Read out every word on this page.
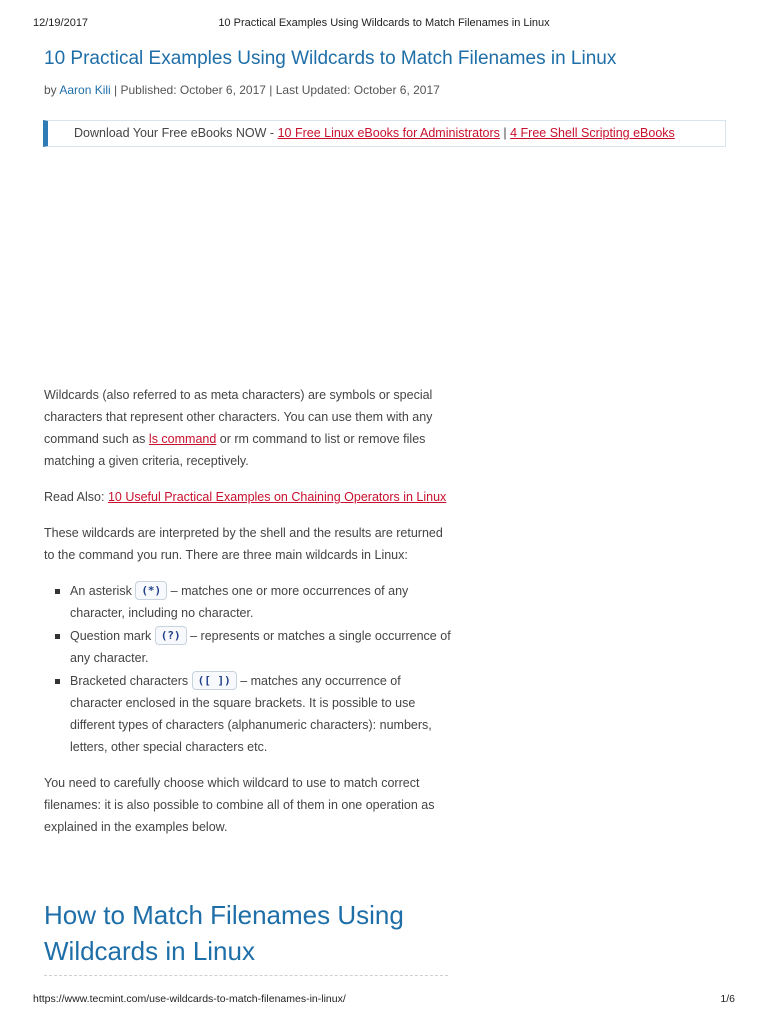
12/19/2017	10 Practical Examples Using Wildcards to Match Filenames in Linux
10 Practical Examples Using Wildcards to Match Filenames in Linux
by Aaron Kili | Published: October 6, 2017 | Last Updated: October 6, 2017
Download Your Free eBooks NOW - 10 Free Linux eBooks for Administrators | 4 Free Shell Scripting eBooks

Wildcards (also referred to as meta characters) are symbols or special characters that represent other characters. You can use them with any command such as ls command or rm command to list or remove files matching a given criteria, receptively.

Read Also: 10 Useful Practical Examples on Chaining Operators in Linux

These wildcards are interpreted by the shell and the results are returned to the command you run. There are three main wildcards in Linux:

An asterisk (*) – matches one or more occurrences of any character, including no character.
Question mark (?) – represents or matches a single occurrence of any character.
Bracketed characters ([ ]) – matches any occurrence of character enclosed in the square brackets. It is possible to use different types of characters (alphanumeric characters): numbers, letters, other special characters etc.

You need to carefully choose which wildcard to use to match correct filenames: it is also possible to combine all of them in one operation as explained in the examples below.

How to Match Filenames Using Wildcards in Linux
https://www.tecmint.com/use-wildcards-to-match-filenames-in-linux/	1/6
